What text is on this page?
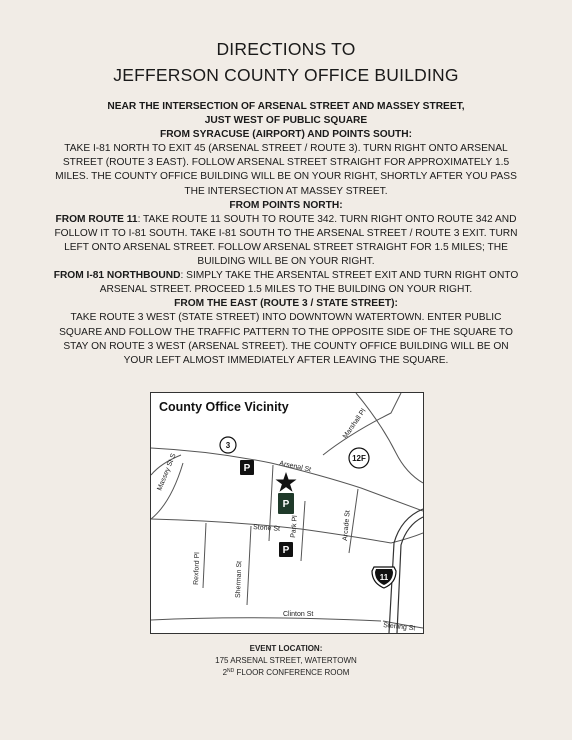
DIRECTIONS TO
JEFFERSON COUNTY OFFICE BUILDING

NEAR THE INTERSECTION OF ARSENAL STREET AND MASSEY STREET,

JUST WEST OF PUBLIC SQUARE

FROM SYRACUSE (AIRPORT) AND POINTS SOUTH:

TAKE I-81 NORTH TO EXIT 45 (ARSENAL STREET / ROUTE 3). TURN RIGHT ONTO ARSENAL STREET (ROUTE 3 EAST). FOLLOW ARSENAL STREET STRAIGHT FOR APPROXIMATELY 1.5 MILES. THE COUNTY OFFICE BUILDING WILL BE ON YOUR RIGHT, SHORTLY AFTER YOU PASS THE INTERSECTION AT MASSEY STREET.

FROM POINTS NORTH:

FROM ROUTE 11: TAKE ROUTE 11 SOUTH TO ROUTE 342. TURN RIGHT ONTO ROUTE 342 AND FOLLOW IT TO I-81 SOUTH. TAKE I-81 SOUTH TO THE ARSENAL STREET / ROUTE 3 EXIT. TURN LEFT ONTO ARSENAL STREET. FOLLOW ARSENAL STREET STRAIGHT FOR 1.5 MILES; THE BUILDING WILL BE ON YOUR RIGHT.

FROM I-81 NORTHBOUND: SIMPLY TAKE THE ARSENTAL STREET EXIT AND TURN RIGHT ONTO ARSENAL STREET. PROCEED 1.5 MILES TO THE BUILDING ON YOUR RIGHT.

FROM THE EAST (ROUTE 3 / STATE STREET):

TAKE ROUTE 3 WEST (STATE STREET) INTO DOWNTOWN WATERTOWN. ENTER PUBLIC SQUARE AND FOLLOW THE TRAFFIC PATTERN TO THE OPPOSITE SIDE OF THE SQUARE TO STAY ON ROUTE 3 WEST (ARSENAL STREET). THE COUNTY OFFICE BUILDING WILL BE ON YOUR LEFT ALMOST IMMEDIATELY AFTER LEAVING THE SQUARE.

County Office Vicinity
Arsenal St
Massey St S
Marshall Pl
Stone St Park Pl	Arcade St
Rexford Pl	Sherman St
Clinton St
Sterling St
3
12F
11
P
P
P
EVENT LOCATION:
175 ARSENAL STREET, WATERTOWN
2ND FLOOR CONFERENCE ROOM
